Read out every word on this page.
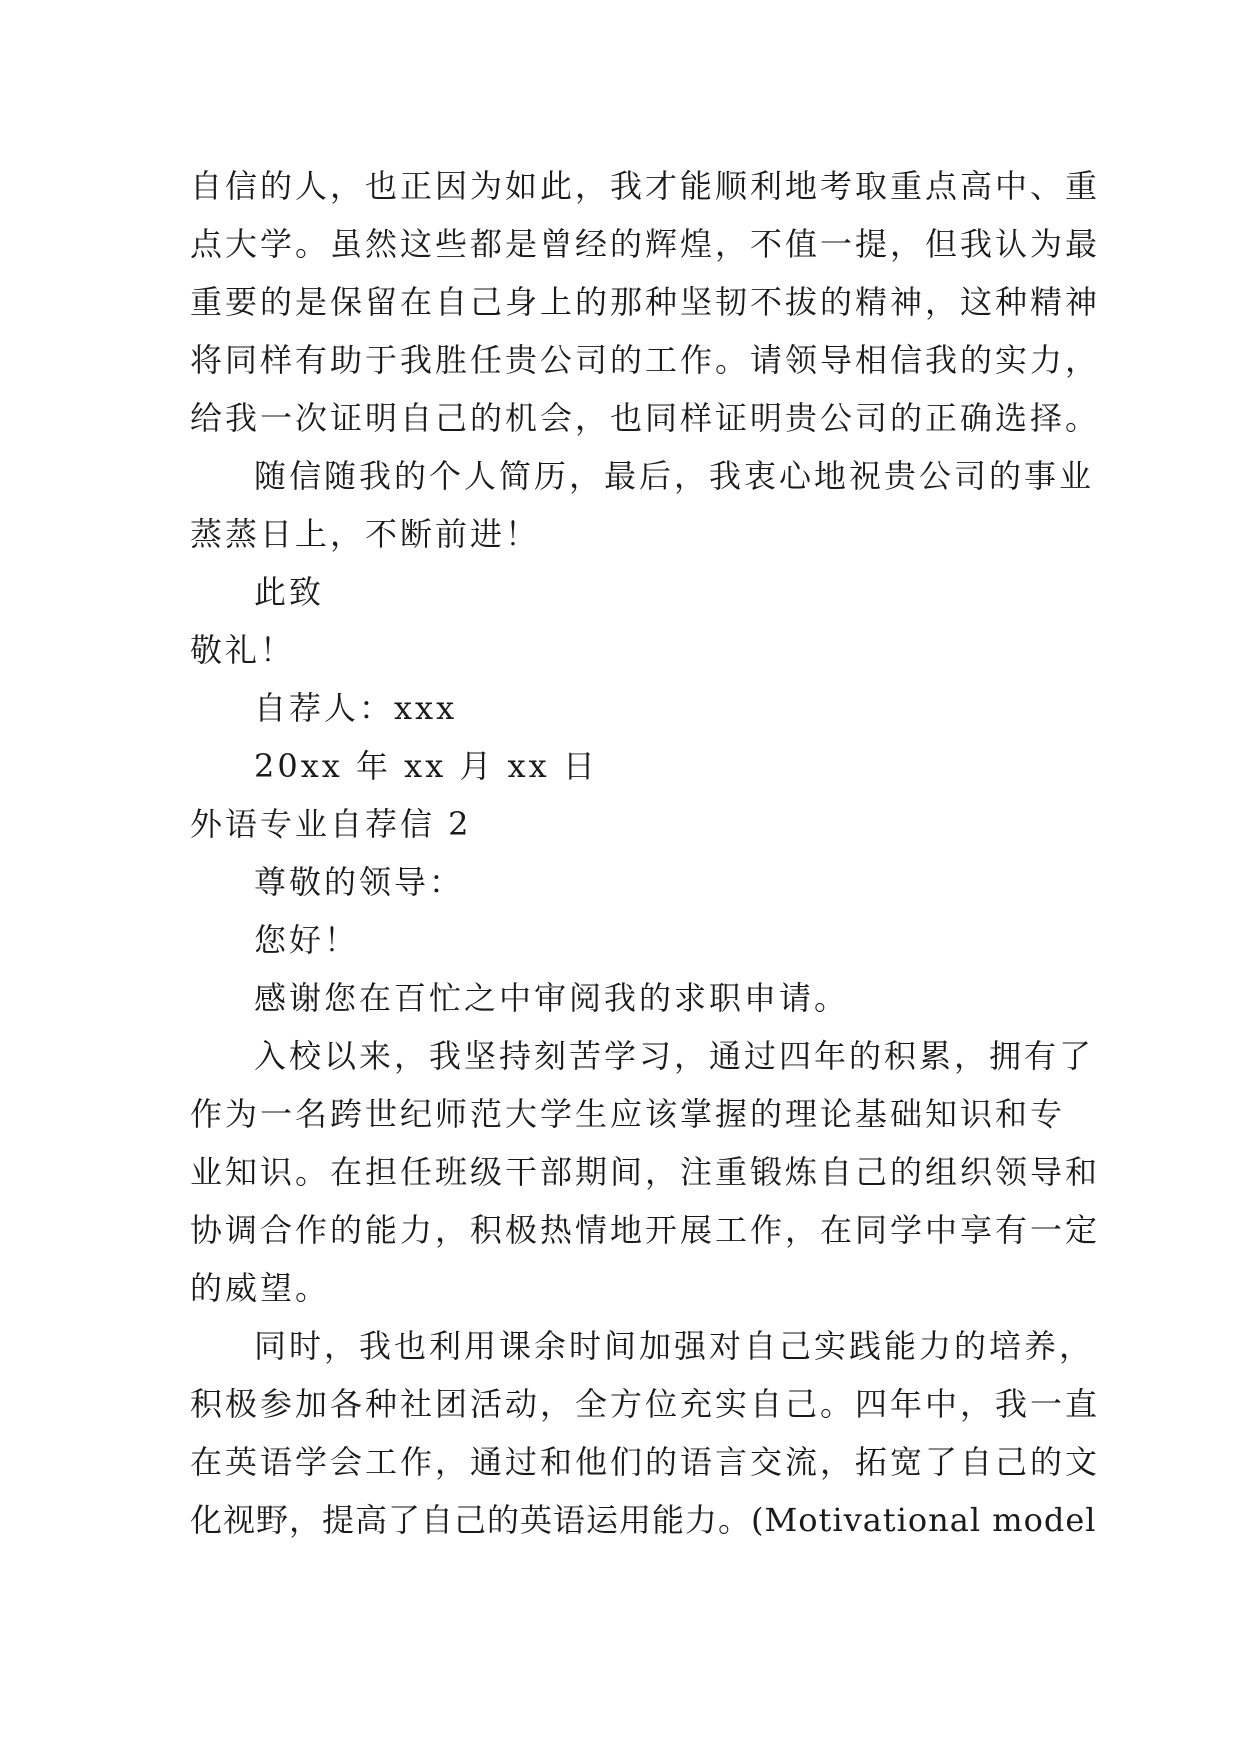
自信的人，也正因为如此，我才能顺利地考取重点高中、重
点大学。虽然这些都是曾经的辉煌，不值一提，但我认为最
重要的是保留在自己身上的那种坚韧不拔的精神，这种精神
将同样有助于我胜任贵公司的工作。请领导相信我的实力，
给我一次证明自己的机会，也同样证明贵公司的正确选择。
随信随我的个人简历，最后，我衷心地祝贵公司的事业
蒸蒸日上，不断前进！
此致
敬礼！
自荐人：xxx
20xx 年 xx 月 xx 日
外语专业自荐信 2
尊敬的领导：
您好！
感谢您在百忙之中审阅我的求职申请。
入校以来，我坚持刻苦学习，通过四年的积累，拥有了
作为一名跨世纪师范大学生应该掌握的理论基础知识和专
业知识。在担任班级干部期间，注重锻炼自己的组织领导和
协调合作的能力，积极热情地开展工作，在同学中享有一定
的威望。
同时，我也利用课余时间加强对自己实践能力的培养，
积极参加各种社团活动，全方位充实自己。四年中，我一直
在英语学会工作，通过和他们的语言交流，拓宽了自己的文
化视野，提高了自己的英语运用能力。(Motivational model
